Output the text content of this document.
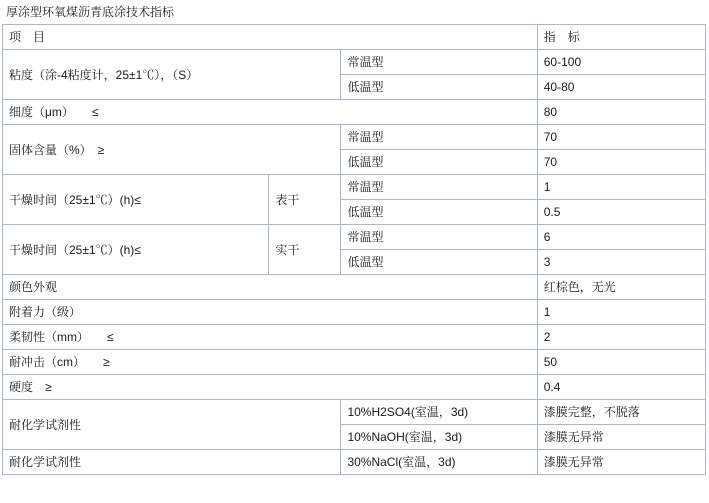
厚涂型环氧煤沥青底涂技术指标
项　目			指　标
粘度（涂-4粘度计，25±1℃），（S）		常温型	60-100
		低温型	40-80
细度（μm）　　≤			80
固体含量（%）　≥		常温型	70
		低温型	70
干燥时间（25±1℃）(h)≤	表干	常温型	1
		低温型	0.5
干燥时间（25±1℃）(h)≤	实干	常温型	6
		低温型	3
颜色外观			红棕色，无光
附着力（级）			1
柔韧性（mm）　　≤			2
耐冲击（cm）　　≥			50
硬度　≥			0.4
耐化学试剂性		10%H2SO4(室温，3d)	漆膜完整，不脱落
		10%NaOH(室温，3d)	漆膜无异常
耐化学试剂性		30%NaCl(室温，3d)	漆膜无异常
